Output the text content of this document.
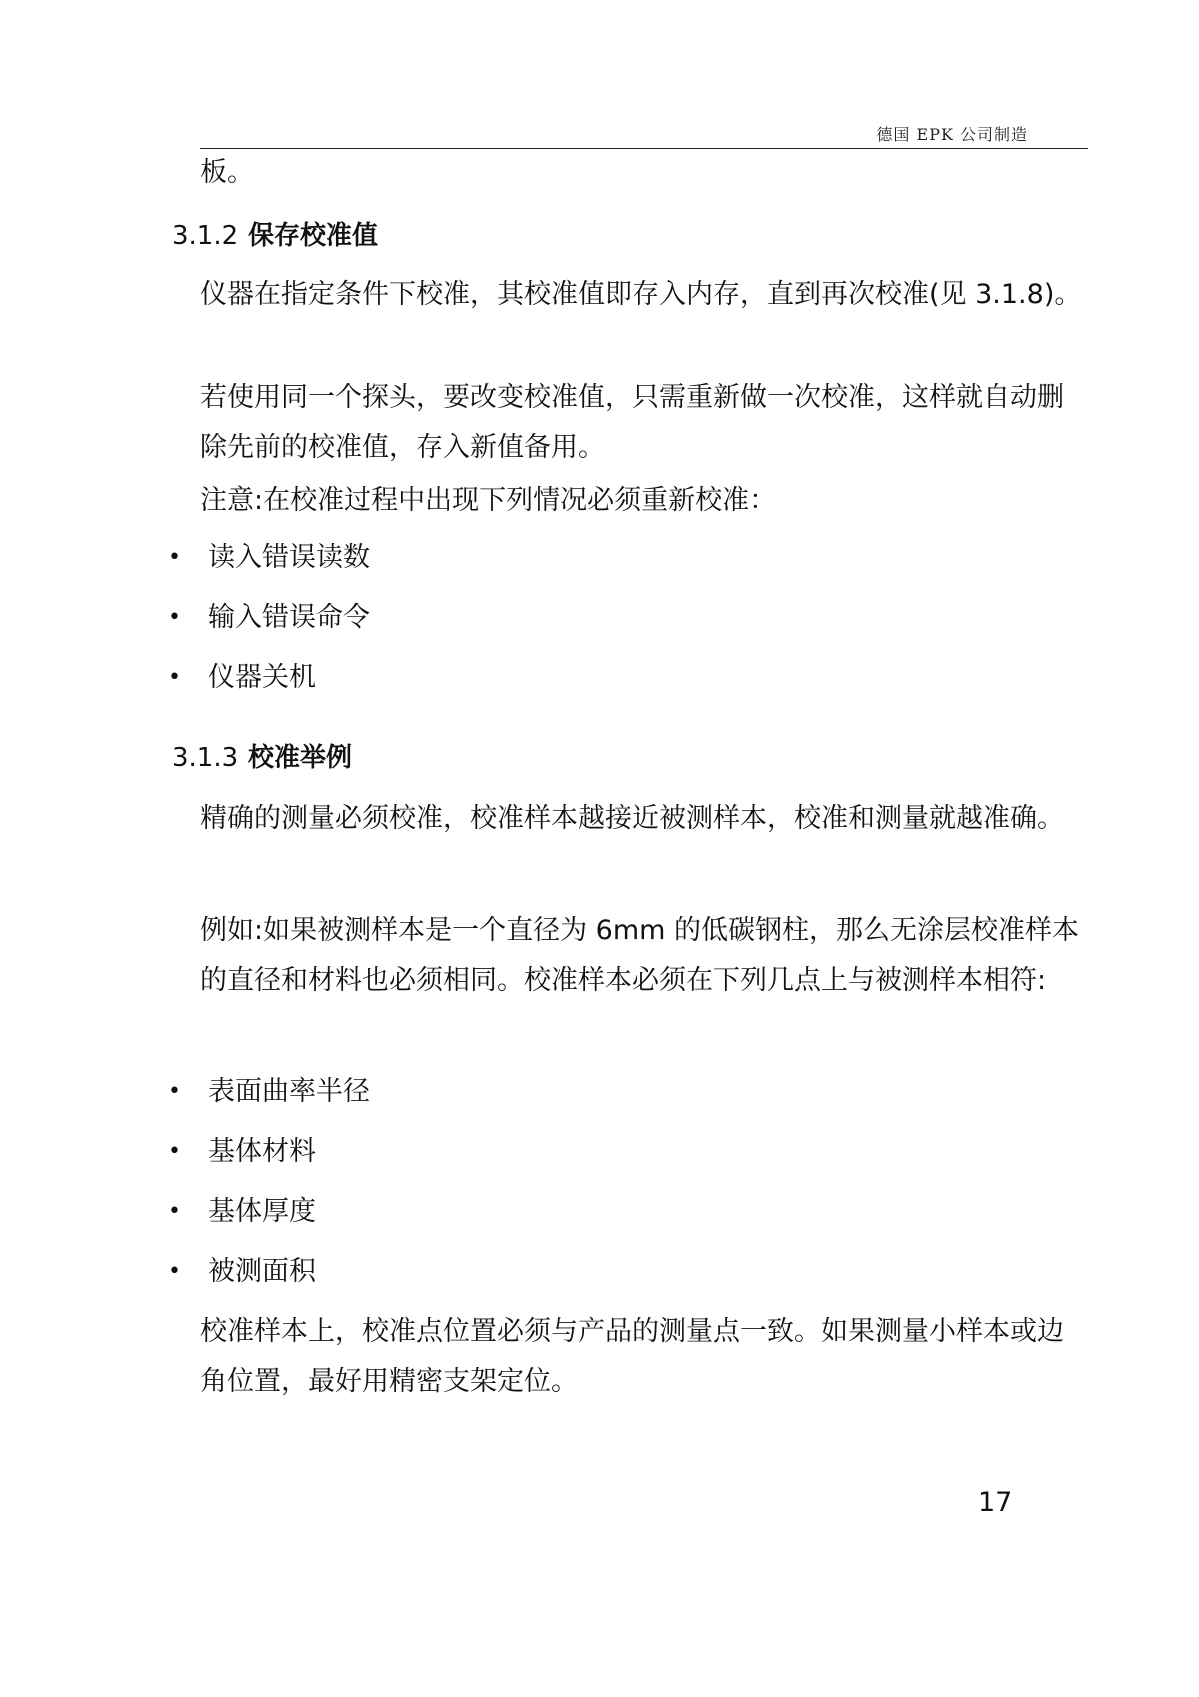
德国 EPK 公司制造

板。

3.1.2 保存校准值

仪器在指定条件下校准，其校准值即存入内存，直到再次校准(见 3.1.8)。

若使用同一个探头，要改变校准值，只需重新做一次校准，这样就自动删除先前的校准值，存入新值备用。

注意:在校准过程中出现下列情况必须重新校准：

• 读入错误读数
• 输入错误命令
• 仪器关机
3.1.3 校准举例

精确的测量必须校准，校准样本越接近被测样本，校准和测量就越准确。

例如:如果被测样本是一个直径为 6mm 的低碳钢柱，那么无涂层校准样本的直径和材料也必须相同。校准样本必须在下列几点上与被测样本相符:

• 表面曲率半径
• 基体材料
• 基体厚度
• 被测面积

校准样本上，校准点位置必须与产品的测量点一致。如果测量小样本或边角位置，最好用精密支架定位。

17
